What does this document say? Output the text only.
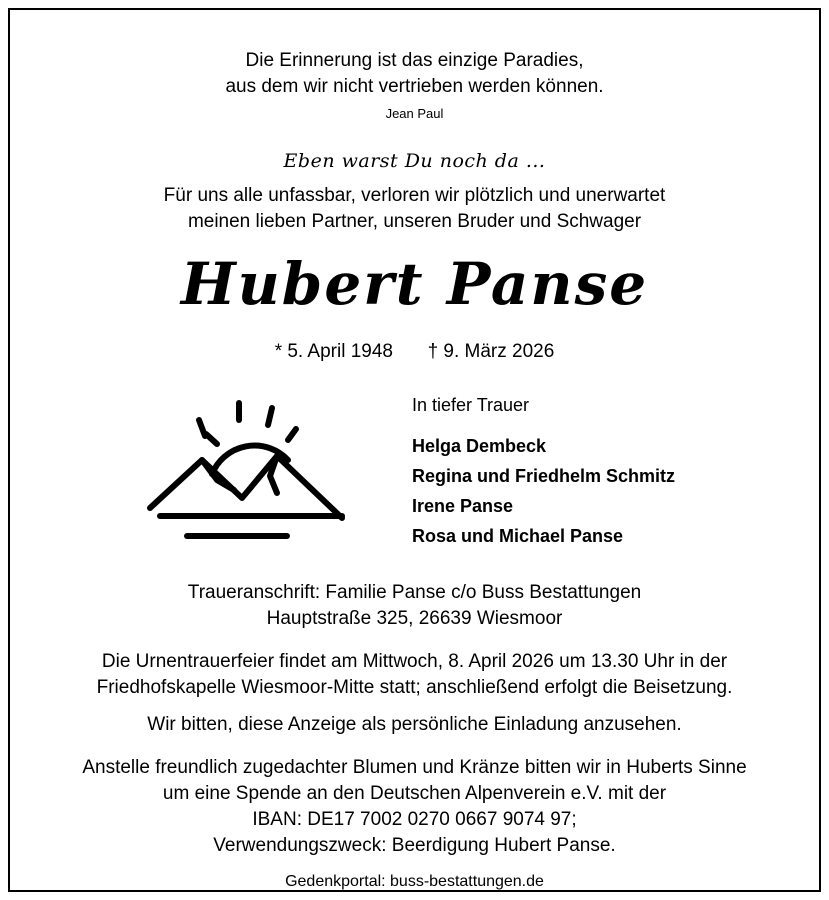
Die Erinnerung ist das einzige Paradies,
aus dem wir nicht vertrieben werden können.
Jean Paul
Eben warst Du noch da ...
Für uns alle unfassbar, verloren wir plötzlich und unerwartet
meinen lieben Partner, unseren Bruder und Schwager
Hubert Panse
* 5. April 1948 † 9. März 2026
In tiefer Trauer
Helga Dembeck
Regina und Friedhelm Schmitz
Irene Panse
Rosa und Michael Panse
Traueranschrift: Familie Panse c/o Buss Bestattungen
Hauptstraße 325, 26639 Wiesmoor
Die Urnentrauerfeier findet am Mittwoch, 8. April 2026 um 13.30 Uhr in der
Friedhofskapelle Wiesmoor-Mitte statt; anschließend erfolgt die Beisetzung.
Wir bitten, diese Anzeige als persönliche Einladung anzusehen.
Anstelle freundlich zugedachter Blumen und Kränze bitten wir in Huberts Sinne
um eine Spende an den Deutschen Alpenverein e.V. mit der
IBAN: DE17 7002 0270 0667 9074 97;
Verwendungszweck: Beerdigung Hubert Panse.
Gedenkportal: buss-bestattungen.de
